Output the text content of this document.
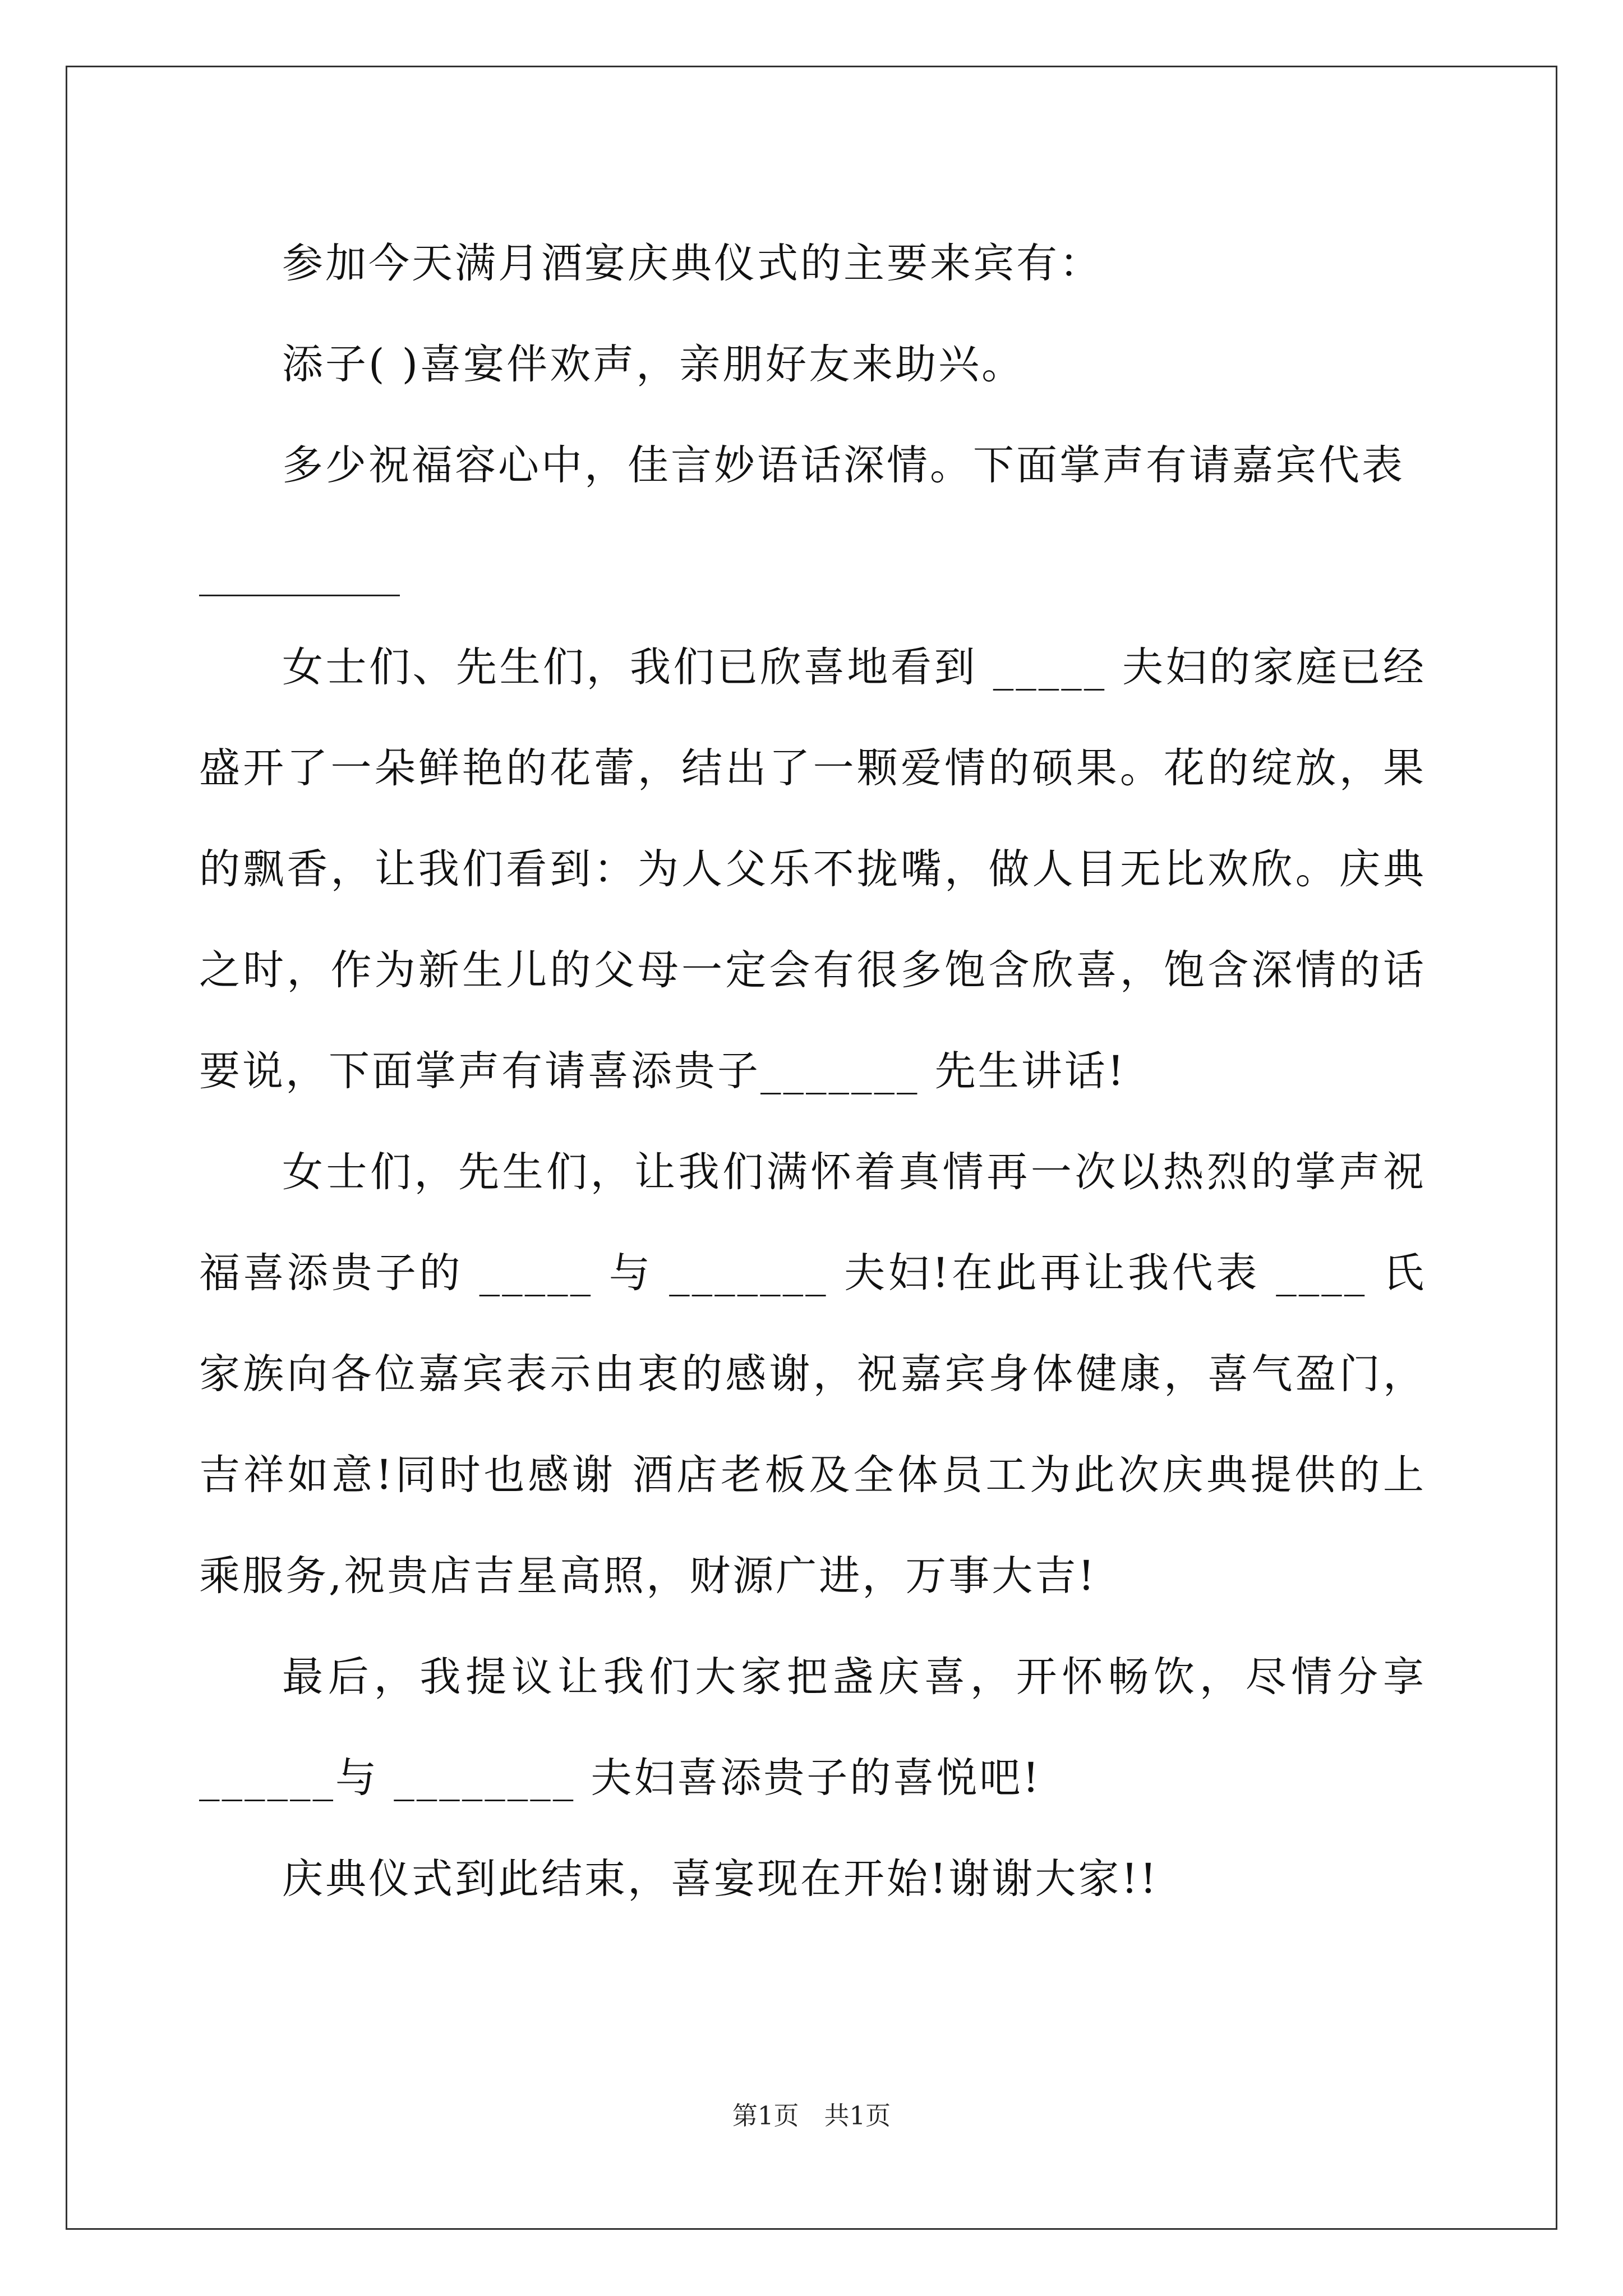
参加今天满月酒宴庆典仪式的主要来宾有：

添子( )喜宴伴欢声，亲朋好友来助兴。

多少祝福容心中，佳言妙语话深情。下面掌声有请嘉宾代表

女士们、先生们，我们已欣喜地看到 _____ 夫妇的家庭已经盛开了一朵鲜艳的花蕾，结出了一颗爱情的硕果。花的绽放，果的飘香，让我们看到：为人父乐不拢嘴，做人目无比欢欣。庆典之时，作为新生儿的父母一定会有很多饱含欣喜，饱含深情的话要说，下面掌声有请喜添贵子_______ 先生讲话!

女士们，先生们，让我们满怀着真情再一次以热烈的掌声祝福喜添贵子的 _____ 与 _______ 夫妇!在此再让我代表 ____ 氏家族向各位嘉宾表示由衷的感谢，祝嘉宾身体健康，喜气盈门，吉祥如意!同时也感谢 酒店老板及全体员工为此次庆典提供的上乘服务,祝贵店吉星高照，财源广进，万事大吉!

最后，我提议让我们大家把盏庆喜，开怀畅饮，尽情分享______与 ________ 夫妇喜添贵子的喜悦吧!

庆典仪式到此结束，喜宴现在开始!谢谢大家!!

第1页　共1页
